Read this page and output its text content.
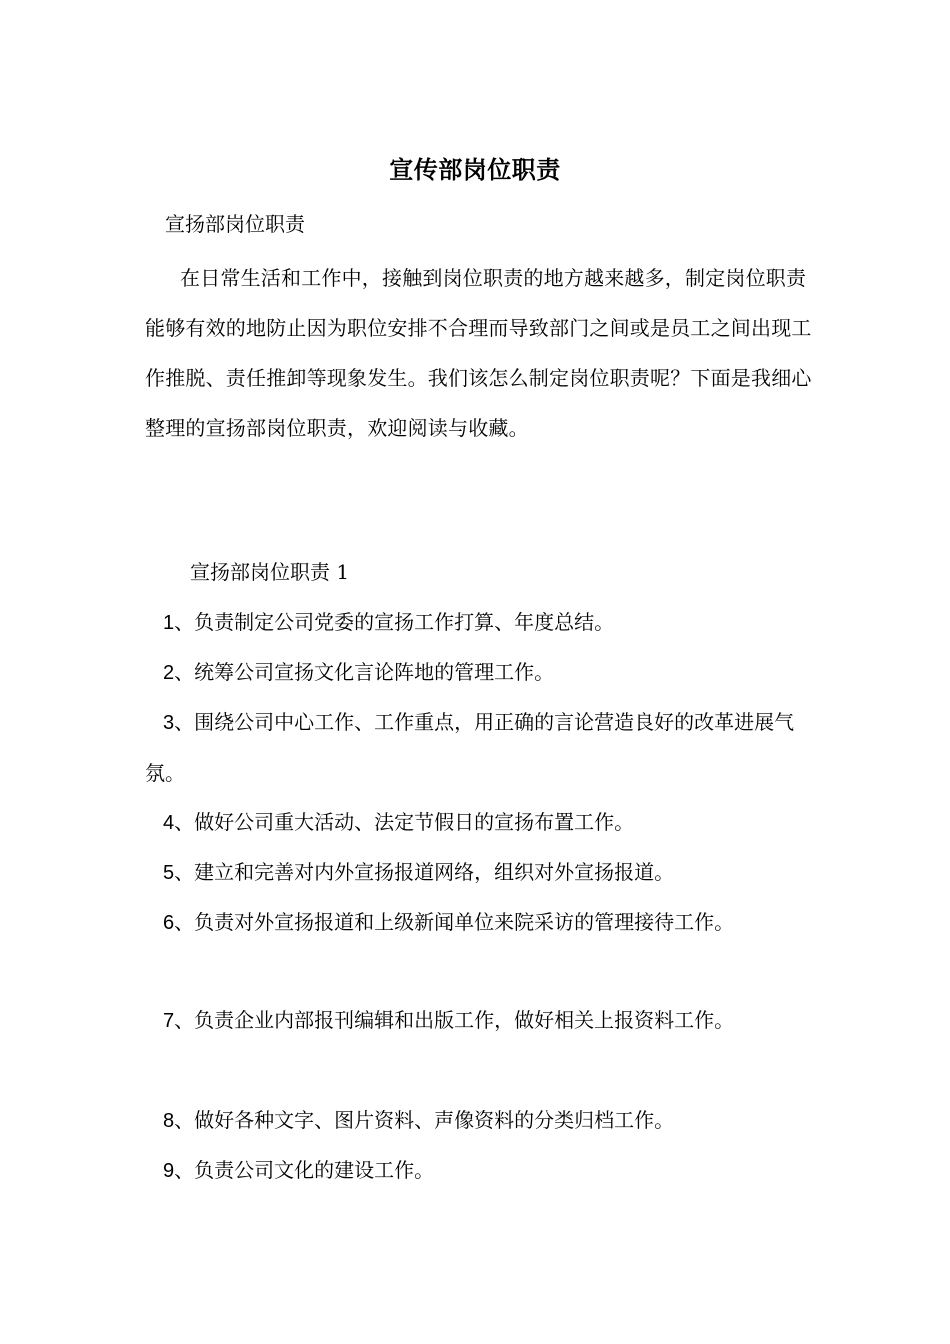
宣传部岗位职责
宣扬部岗位职责

在日常生活和工作中，接触到岗位职责的地方越来越多，制定岗位职责能够有效的地防止因为职位安排不合理而导致部门之间或是员工之间出现工作推脱、责任推卸等现象发生。我们该怎么制定岗位职责呢？下面是我细心整理的宣扬部岗位职责，欢迎阅读与收藏。

宣扬部岗位职责 1

1、负责制定公司党委的宣扬工作打算、年度总结。

2、统筹公司宣扬文化言论阵地的管理工作。

3、围绕公司中心工作、工作重点，用正确的言论营造良好的改革进展气氛。

4、做好公司重大活动、法定节假日的宣扬布置工作。

5、建立和完善对内外宣扬报道网络，组织对外宣扬报道。

6、负责对外宣扬报道和上级新闻单位来院采访的管理接待工作。

7、负责企业内部报刊编辑和出版工作，做好相关上报资料工作。

8、做好各种文字、图片资料、声像资料的分类归档工作。

9、负责公司文化的建设工作。
